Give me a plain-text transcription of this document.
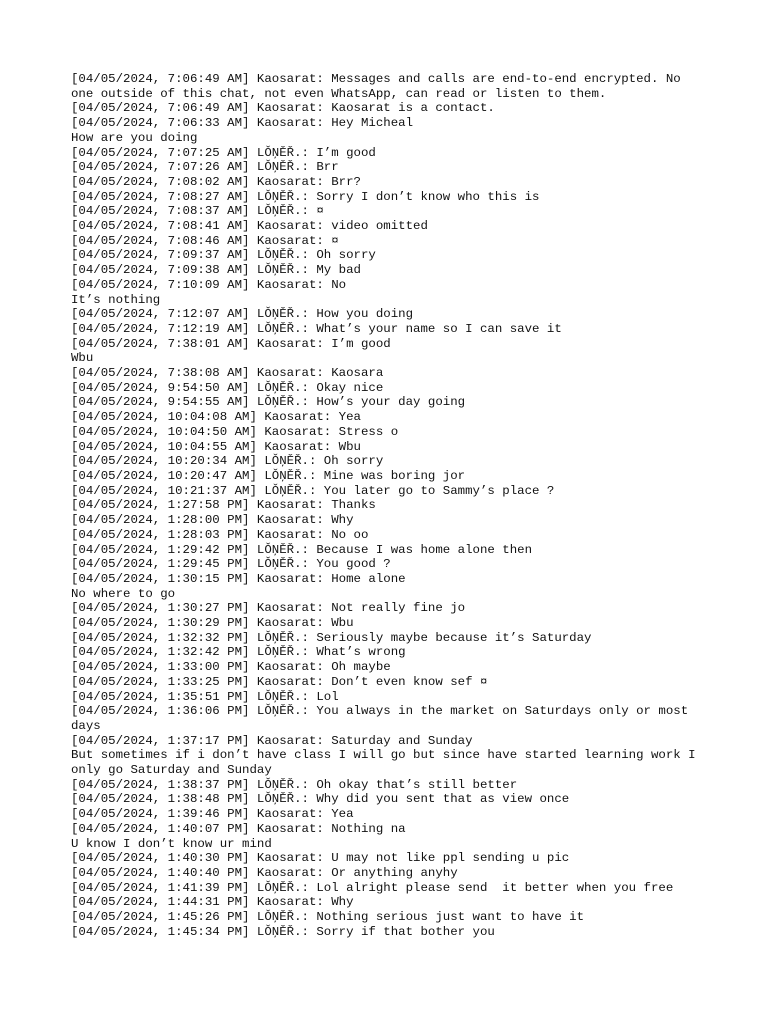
[04/05/2024, 7:06:49 AM] Kaosarat: Messages and calls are end-to-end encrypted. No one outside of this chat, not even WhatsApp, can read or listen to them.
[04/05/2024, 7:06:49 AM] Kaosarat: Kaosarat is a contact.
[04/05/2024, 7:06:33 AM] Kaosarat: Hey Micheal
How are you doing
[04/05/2024, 7:07:25 AM] LǑŅĚŘ.: I’m good
[04/05/2024, 7:07:26 AM] LǑŅĚŘ.: Brr
[04/05/2024, 7:08:02 AM] Kaosarat: Brr?
[04/05/2024, 7:08:27 AM] LǑŅĚŘ.: Sorry I don’t know who this is
[04/05/2024, 7:08:37 AM] LǑŅĚŘ.: ¤
[04/05/2024, 7:08:41 AM] Kaosarat: video omitted
[04/05/2024, 7:08:46 AM] Kaosarat: ¤
[04/05/2024, 7:09:37 AM] LǑŅĚŘ.: Oh sorry
[04/05/2024, 7:09:38 AM] LǑŅĚŘ.: My bad
[04/05/2024, 7:10:09 AM] Kaosarat: No
It’s nothing
[04/05/2024, 7:12:07 AM] LǑŅĚŘ.: How you doing
[04/05/2024, 7:12:19 AM] LǑŅĚŘ.: What’s your name so I can save it
[04/05/2024, 7:38:01 AM] Kaosarat: I’m good
Wbu
[04/05/2024, 7:38:08 AM] Kaosarat: Kaosara
[04/05/2024, 9:54:50 AM] LǑŅĚŘ.: Okay nice
[04/05/2024, 9:54:55 AM] LǑŅĚŘ.: How’s your day going
[04/05/2024, 10:04:08 AM] Kaosarat: Yea
[04/05/2024, 10:04:50 AM] Kaosarat: Stress o
[04/05/2024, 10:04:55 AM] Kaosarat: Wbu
[04/05/2024, 10:20:34 AM] LǑŅĚŘ.: Oh sorry
[04/05/2024, 10:20:47 AM] LǑŅĚŘ.: Mine was boring jor
[04/05/2024, 10:21:37 AM] LǑŅĚŘ.: You later go to Sammy’s place ?
[04/05/2024, 1:27:58 PM] Kaosarat: Thanks
[04/05/2024, 1:28:00 PM] Kaosarat: Why
[04/05/2024, 1:28:03 PM] Kaosarat: No oo
[04/05/2024, 1:29:42 PM] LǑŅĚŘ.: Because I was home alone then
[04/05/2024, 1:29:45 PM] LǑŅĚŘ.: You good ?
[04/05/2024, 1:30:15 PM] Kaosarat: Home alone
No where to go
[04/05/2024, 1:30:27 PM] Kaosarat: Not really fine jo
[04/05/2024, 1:30:29 PM] Kaosarat: Wbu
[04/05/2024, 1:32:32 PM] LǑŅĚŘ.: Seriously maybe because it’s Saturday
[04/05/2024, 1:32:42 PM] LǑŅĚŘ.: What’s wrong
[04/05/2024, 1:33:00 PM] Kaosarat: Oh maybe
[04/05/2024, 1:33:25 PM] Kaosarat: Don’t even know sef ¤
[04/05/2024, 1:35:51 PM] LǑŅĚŘ.: Lol
[04/05/2024, 1:36:06 PM] LǑŅĚŘ.: You always in the market on Saturdays only or most days
[04/05/2024, 1:37:17 PM] Kaosarat: Saturday and Sunday
But sometimes if i don’t have class I will go but since have started learning work I only go Saturday and Sunday
[04/05/2024, 1:38:37 PM] LǑŅĚŘ.: Oh okay that’s still better
[04/05/2024, 1:38:48 PM] LǑŅĚŘ.: Why did you sent that as view once
[04/05/2024, 1:39:46 PM] Kaosarat: Yea
[04/05/2024, 1:40:07 PM] Kaosarat: Nothing na
U know I don’t know ur mind
[04/05/2024, 1:40:30 PM] Kaosarat: U may not like ppl sending u pic
[04/05/2024, 1:40:40 PM] Kaosarat: Or anything anyhy
[04/05/2024, 1:41:39 PM] LǑŅĚŘ.: Lol alright please send  it better when you free
[04/05/2024, 1:44:31 PM] Kaosarat: Why
[04/05/2024, 1:45:26 PM] LǑŅĚŘ.: Nothing serious just want to have it
[04/05/2024, 1:45:34 PM] LǑŅĚŘ.: Sorry if that bother you
